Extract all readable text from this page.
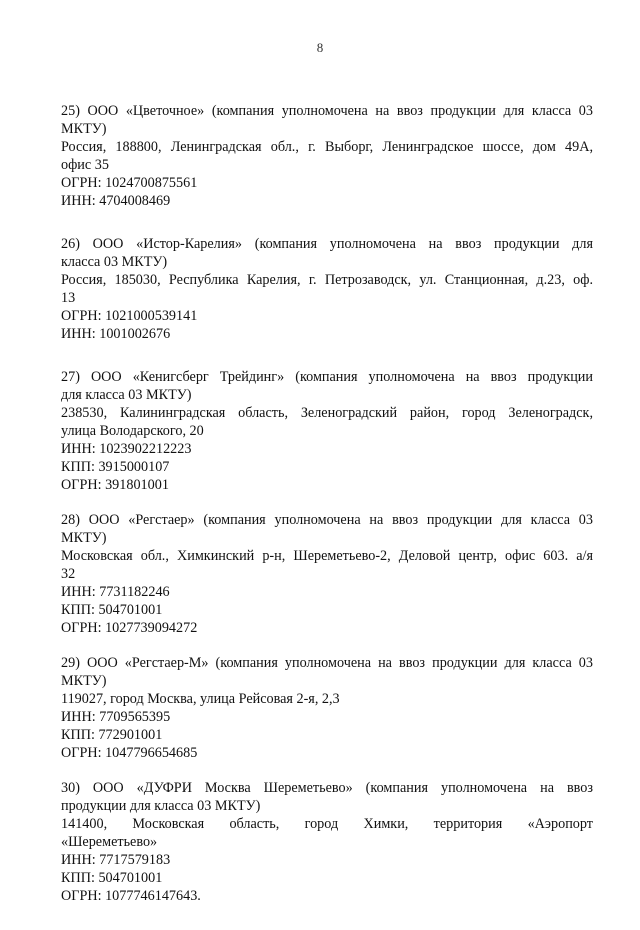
8
25) ООО «Цветочное» (компания уполномочена на ввоз продукции для класса 03
МКТУ)
Россия, 188800, Ленинградская обл., г. Выборг, Ленинградское шоссе, дом 49А,
офис 35
ОГРН: 1024700875561
ИНН: 4704008469
26) ООО «Истор-Карелия» (компания уполномочена на ввоз продукции для
класса 03 МКТУ)
Россия, 185030, Республика Карелия, г. Петрозаводск, ул. Станционная, д.23, оф.
13
ОГРН: 1021000539141
ИНН: 1001002676
27) ООО «Кенигсберг Трейдинг» (компания уполномочена на ввоз продукции
для класса 03 МКТУ)
238530, Калининградская область, Зеленоградский район, город Зеленоградск,
улица Володарского, 20
ИНН: 1023902212223
КПП: 3915000107
ОГРН: 391801001
28) ООО «Регстаер» (компания уполномочена на ввоз продукции для класса 03
МКТУ)
Московская обл., Химкинский р-н, Шереметьево-2, Деловой центр, офис 603. а/я
32
ИНН: 7731182246
КПП: 504701001
ОГРН: 1027739094272
29) ООО «Регстаер-М» (компания уполномочена на ввоз продукции для класса 03
МКТУ)
119027, город Москва, улица Рейсовая 2-я, 2,3
ИНН: 7709565395
КПП: 772901001
ОГРН: 1047796654685
30) ООО «ДУФРИ Москва Шереметьево» (компания уполномочена на ввоз
продукции для класса 03 МКТУ)
141400, Московская область, город Химки, территория «Аэропорт
«Шереметьево»
ИНН: 7717579183
КПП: 504701001
ОГРН: 1077746147643.
